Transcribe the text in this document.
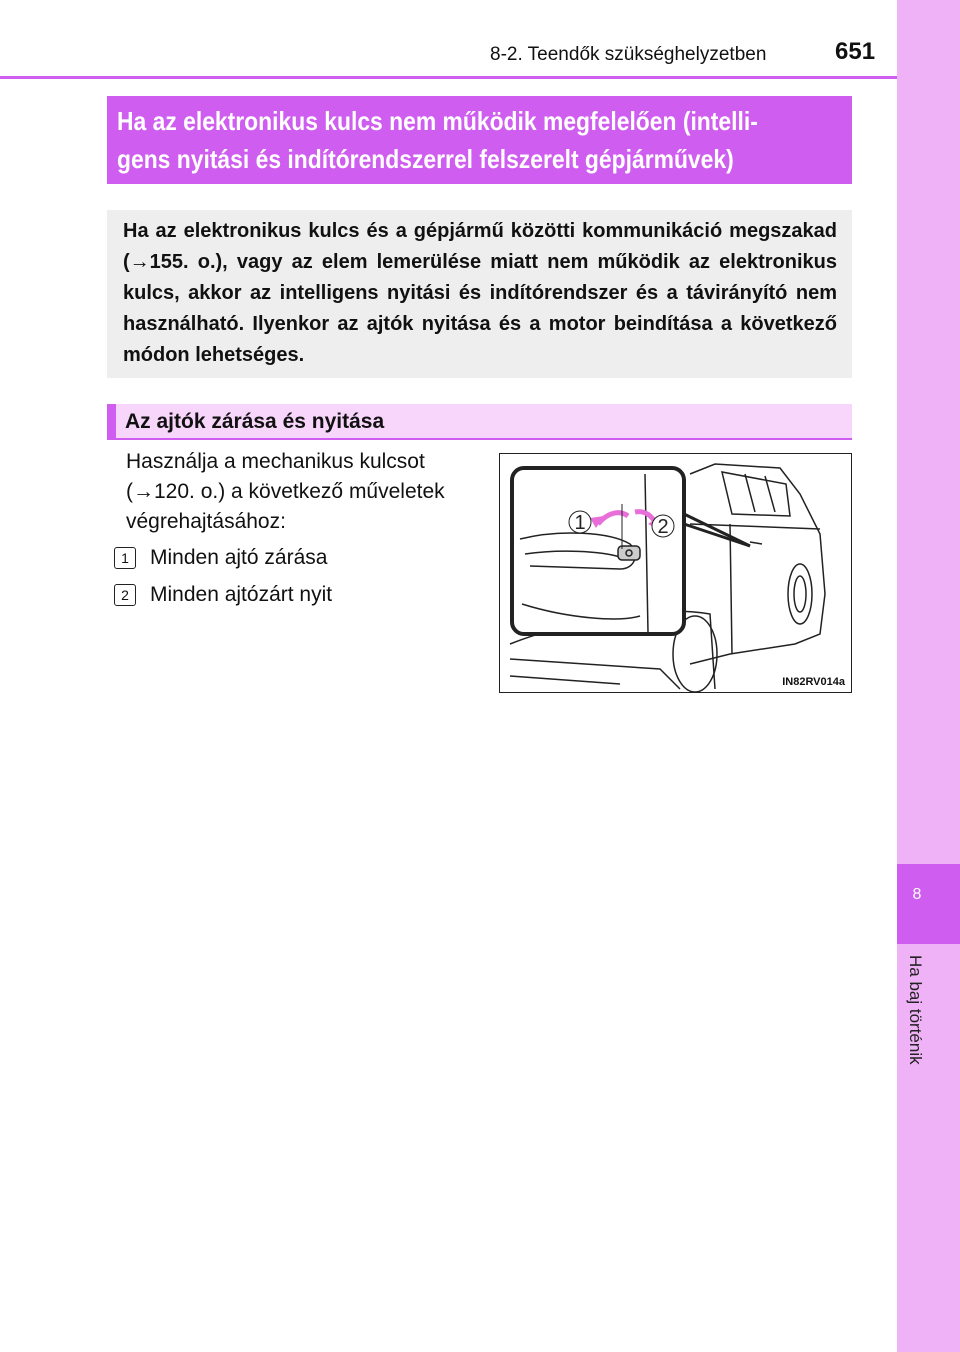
8
Ha baj történik
8-2. Teendők szükséghelyzetben	651
Ha az elektronikus kulcs nem működik megfelelően (intelli-
gens nyitási és indítórendszerrel felszerelt gépjárművek)
Ha az elektronikus kulcs és a gépjármű közötti kommunikáció megszakad (→155. o.), vagy az elem lemerülése miatt nem működik az elektronikus kulcs, akkor az intelligens nyitási és indítórendszer és a távirányító nem használható. Ilyenkor az ajtók nyitása és a motor beindítása a következő módon lehetséges.
Az ajtók zárása és nyitása
Használja a mechanikus kulcsot
(→120. o.) a következő műveletek
végrehajtásához:
1 Minden ajtó zárása
2 Minden ajtózárt nyit
1	2
IN82RV014a
